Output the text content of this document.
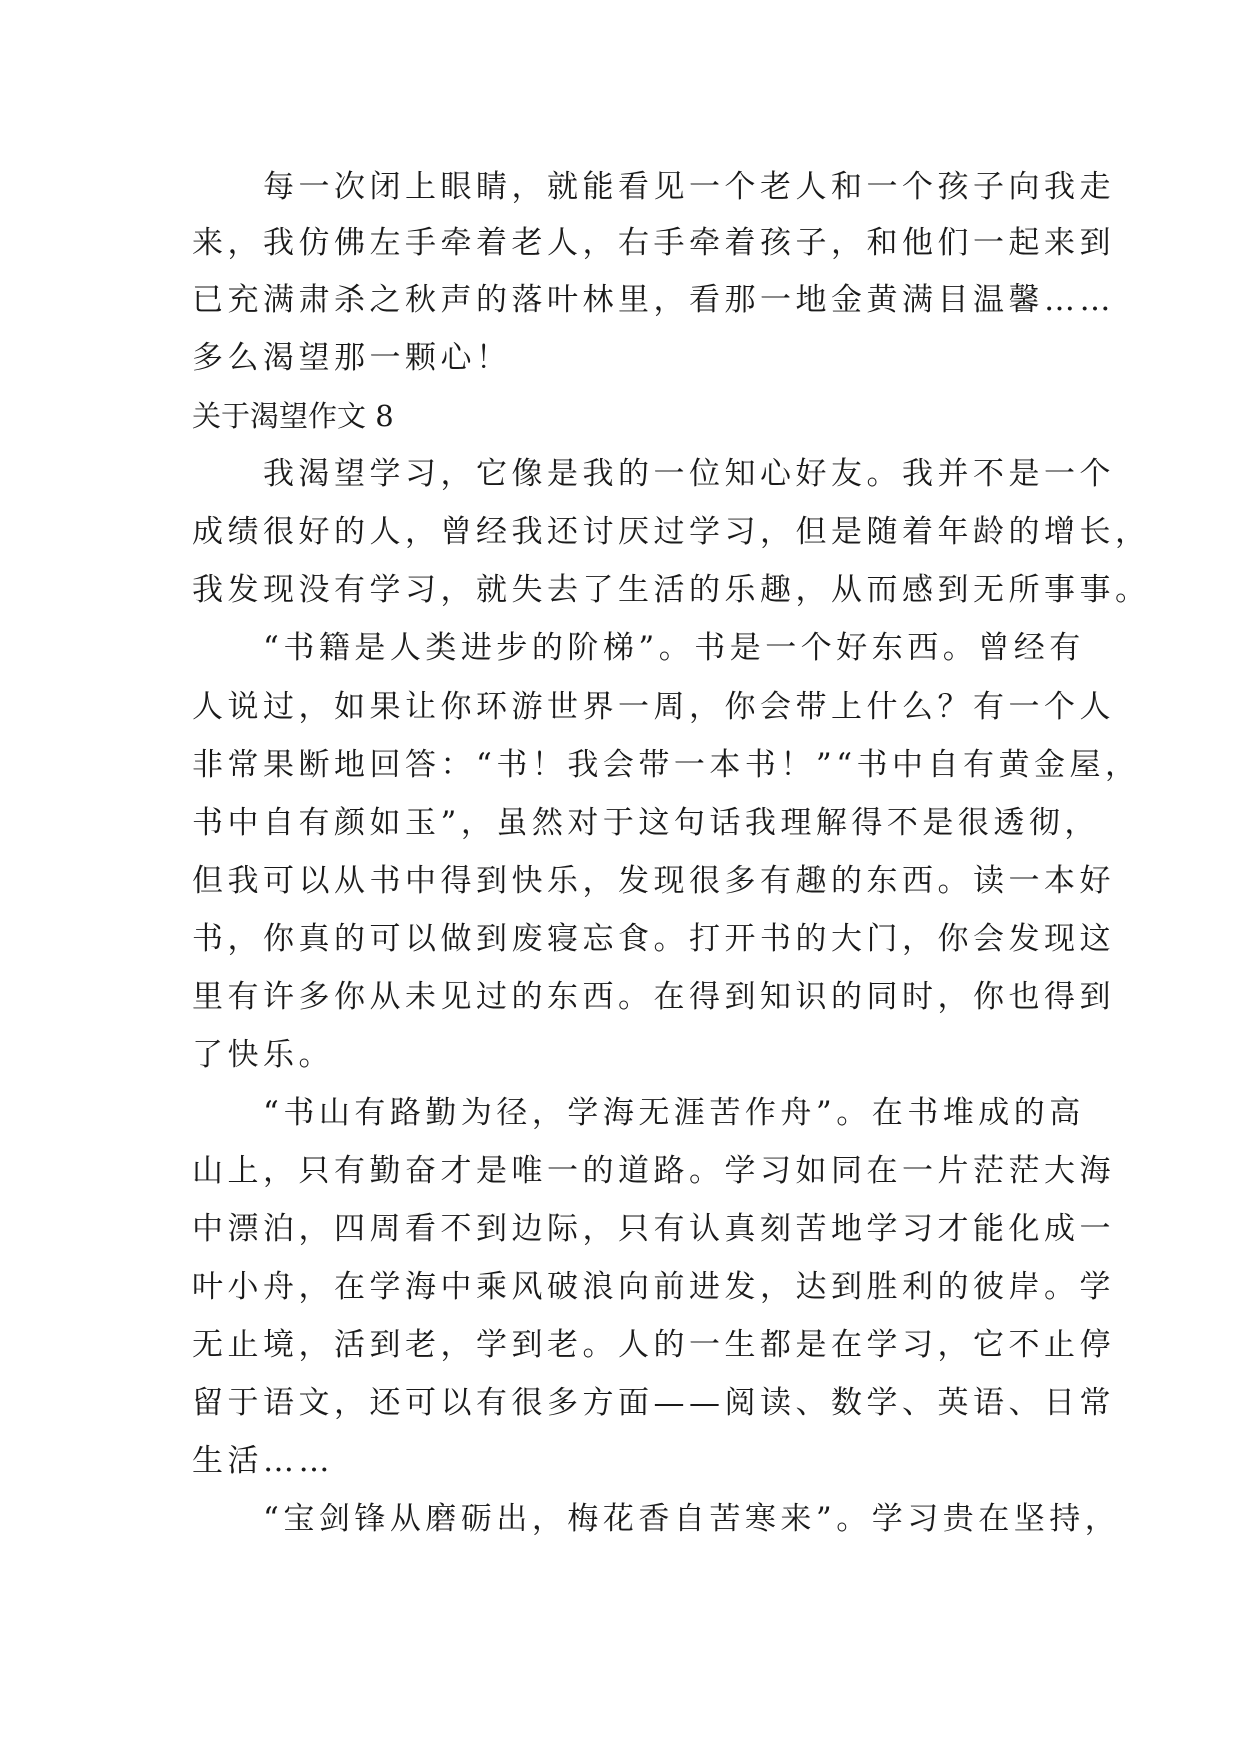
　　每一次闭上眼睛，就能看见一个老人和一个孩子向我走
来，我仿佛左手牵着老人，右手牵着孩子，和他们一起来到
已充满肃杀之秋声的落叶林里，看那一地金黄满目温馨……
多么渴望那一颗心！
关于渴望作文 8
　　我渴望学习，它像是我的一位知心好友。我并不是一个
成绩很好的人，曾经我还讨厌过学习，但是随着年龄的增长，
我发现没有学习，就失去了生活的乐趣，从而感到无所事事。
　　“书籍是人类进步的阶梯”。书是一个好东西。曾经有
人说过，如果让你环游世界一周，你会带上什么？有一个人
非常果断地回答：“书！我会带一本书！”“书中自有黄金屋，
书中自有颜如玉”，虽然对于这句话我理解得不是很透彻，
但我可以从书中得到快乐，发现很多有趣的东西。读一本好
书，你真的可以做到废寝忘食。打开书的大门，你会发现这
里有许多你从未见过的东西。在得到知识的同时，你也得到
了快乐。
　　“书山有路勤为径，学海无涯苦作舟”。在书堆成的高
山上，只有勤奋才是唯一的道路。学习如同在一片茫茫大海
中漂泊，四周看不到边际，只有认真刻苦地学习才能化成一
叶小舟，在学海中乘风破浪向前进发，达到胜利的彼岸。学
无止境，活到老，学到老。人的一生都是在学习，它不止停
留于语文，还可以有很多方面——阅读、数学、英语、日常
生活……
　　“宝剑锋从磨砺出，梅花香自苦寒来”。学习贵在坚持，
